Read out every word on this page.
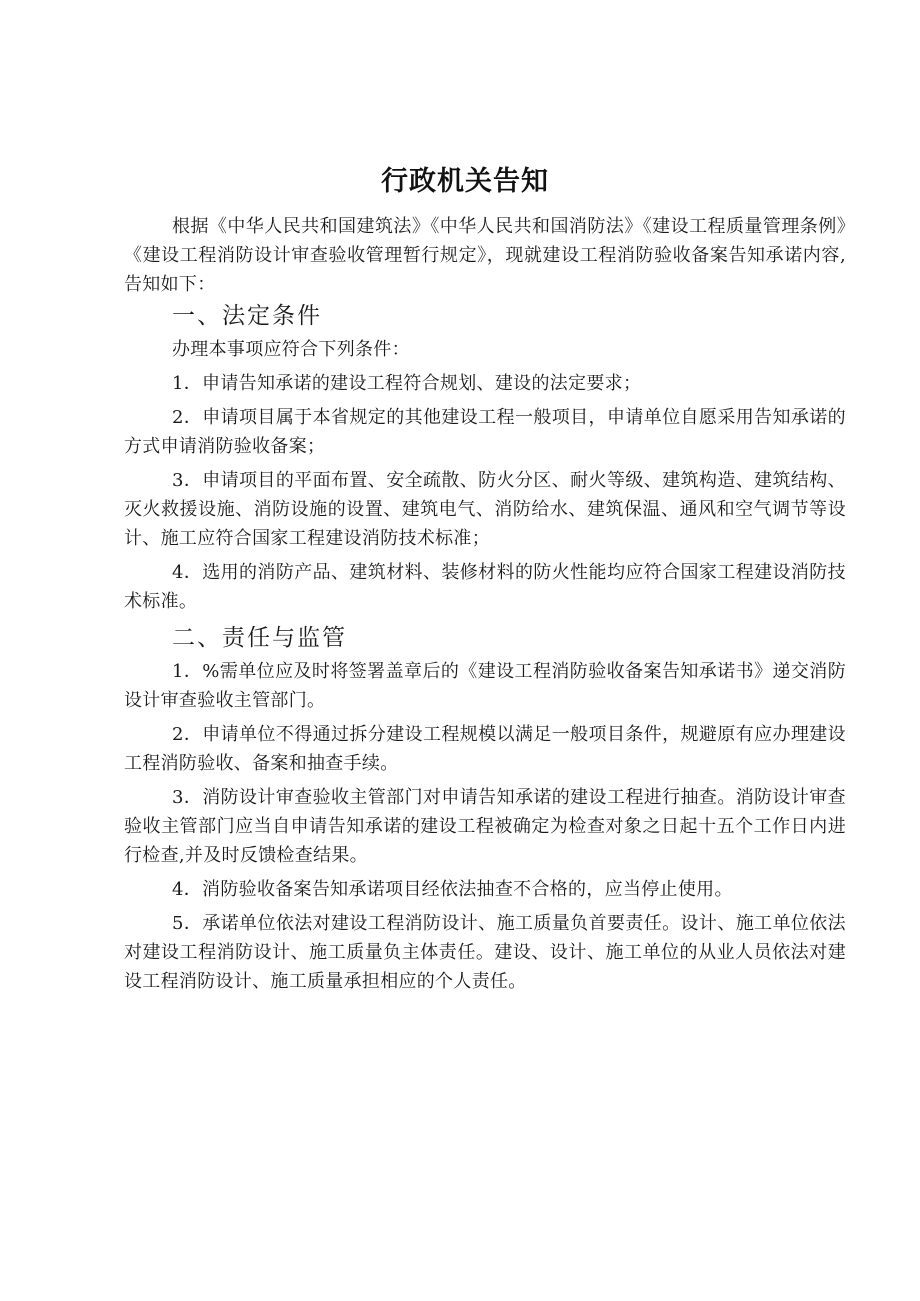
行政机关告知

根据《中华人民共和国建筑法》《中华人民共和国消防法》《建设工程质量管理条例》《建设工程消防设计审查验收管理暂行规定》，现就建设工程消防验收备案告知承诺内容,告知如下：

一、法定条件

办理本事项应符合下列条件：

1．申请告知承诺的建设工程符合规划、建设的法定要求；

2．申请项目属于本省规定的其他建设工程一般项目，申请单位自愿采用告知承诺的方式申请消防验收备案；

3．申请项目的平面布置、安全疏散、防火分区、耐火等级、建筑构造、建筑结构、灭火救援设施、消防设施的设置、建筑电气、消防给水、建筑保温、通风和空气调节等设计、施工应符合国家工程建设消防技术标准；

4．选用的消防产品、建筑材料、装修材料的防火性能均应符合国家工程建设消防技术标准。

二、责任与监管

1．%需单位应及时将签署盖章后的《建设工程消防验收备案告知承诺书》递交消防设计审查验收主管部门。

2．申请单位不得通过拆分建设工程规模以满足一般项目条件，规避原有应办理建设工程消防验收、备案和抽查手续。

3．消防设计审查验收主管部门对申请告知承诺的建设工程进行抽查。消防设计审查验收主管部门应当自申请告知承诺的建设工程被确定为检查对象之日起十五个工作日内进行检查,并及时反馈检查结果。

4．消防验收备案告知承诺项目经依法抽查不合格的，应当停止使用。

5．承诺单位依法对建设工程消防设计、施工质量负首要责任。设计、施工单位依法对建设工程消防设计、施工质量负主体责任。建设、设计、施工单位的从业人员依法对建设工程消防设计、施工质量承担相应的个人责任。
